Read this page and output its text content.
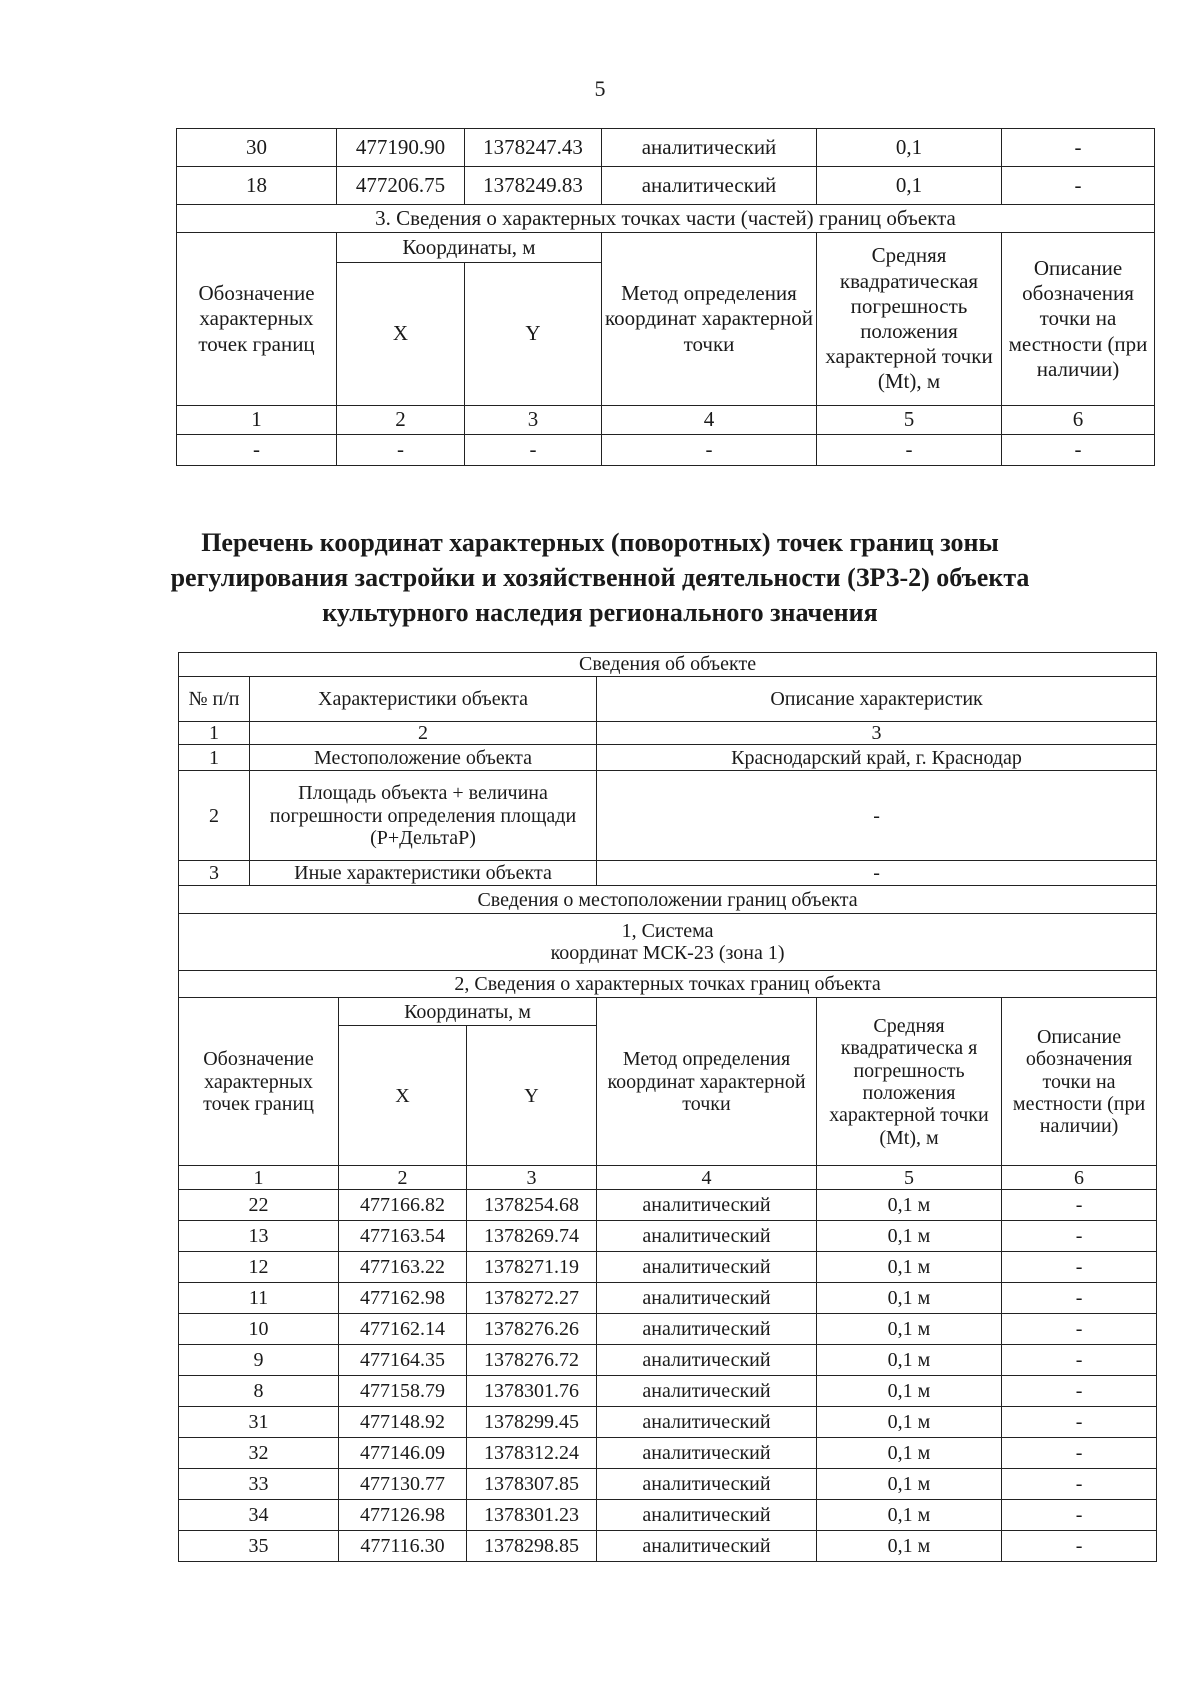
5
30	477190.90	1378247.43	аналитический	0,1	-
18	477206.75	1378249.83	аналитический	0,1	-
3. Сведения о характерных точках части (частей) границ объекта					
Обозначение характерных точек границ	Координаты, м		Метод определения координат характерной точки	Средняя квадратическая погрешность положения характерной точки (Mt), м	Описание обозначения точки на местности (при наличии)
	X	Y			
1	2	3	4	5	6
-	-	-	-	-	-
Перечень координат характерных (поворотных) точек границ зоны
регулирования застройки и хозяйственной деятельности (ЗРЗ-2) объекта
культурного наследия регионального значения
Сведения об объекте						
№ п/п	Характеристики объекта			Описание характеристик		
1	2			3		
1	Местоположение объекта			Краснодарский край, г. Краснодар		
2	Площадь объекта + величина погрешности определения площади (Р+ДельтаР)			-		
3	Иные характеристики объекта			-		
Сведения о местоположении границ объекта						

1, Система
координат МСК-23 (зона 1)						

2, Сведения о характерных точках границ объекта						
Обозначение характерных точек границ		Координаты, м		Метод определения координат характерной точки	Средняя квадратическа я погрешность положения характерной точки (Mt), м	Описание обозначения точки на местности (при наличии)
		X	Y			
1		2	3	4	5	6
22		477166.82	1378254.68	аналитический	0,1 м	-
13		477163.54	1378269.74	аналитический	0,1 м	-
12		477163.22	1378271.19	аналитический	0,1 м	-
11		477162.98	1378272.27	аналитический	0,1 м	-
10		477162.14	1378276.26	аналитический	0,1 м	-
9		477164.35	1378276.72	аналитический	0,1 м	-
8		477158.79	1378301.76	аналитический	0,1 м	-
31		477148.92	1378299.45	аналитический	0,1 м	-
32		477146.09	1378312.24	аналитический	0,1 м	-
33		477130.77	1378307.85	аналитический	0,1 м	-
34		477126.98	1378301.23	аналитический	0,1 м	-
35		477116.30	1378298.85	аналитический	0,1 м	-
